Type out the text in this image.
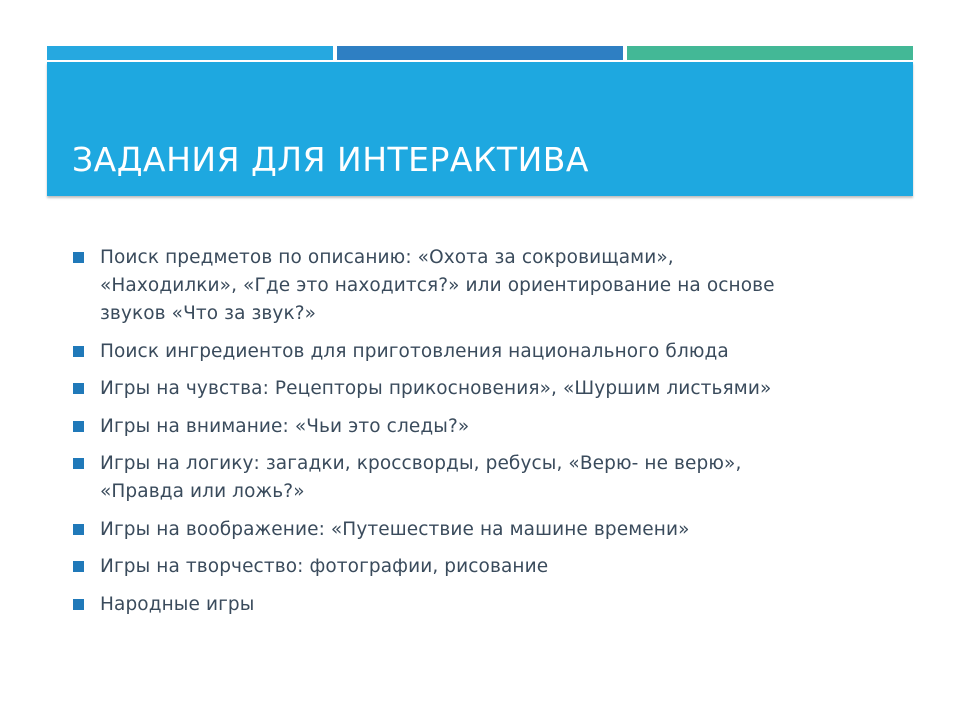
ЗАДАНИЯ ДЛЯ ИНТЕРАКТИВА
Поиск предметов по описанию: «Охота за сокровищами»,
«Находилки», «Где это находится?» или ориентирование на основе
звуков «Что за звук?»
Поиск ингредиентов для приготовления национального блюда
Игры на чувства: Рецепторы прикосновения», «Шуршим листьями»
Игры на внимание: «Чьи это следы?»
Игры на логику: загадки, кроссворды, ребусы, «Верю- не верю»,
«Правда или ложь?»
Игры на воображение: «Путешествие на машине времени»
Игры на творчество: фотографии, рисование
Народные игры
